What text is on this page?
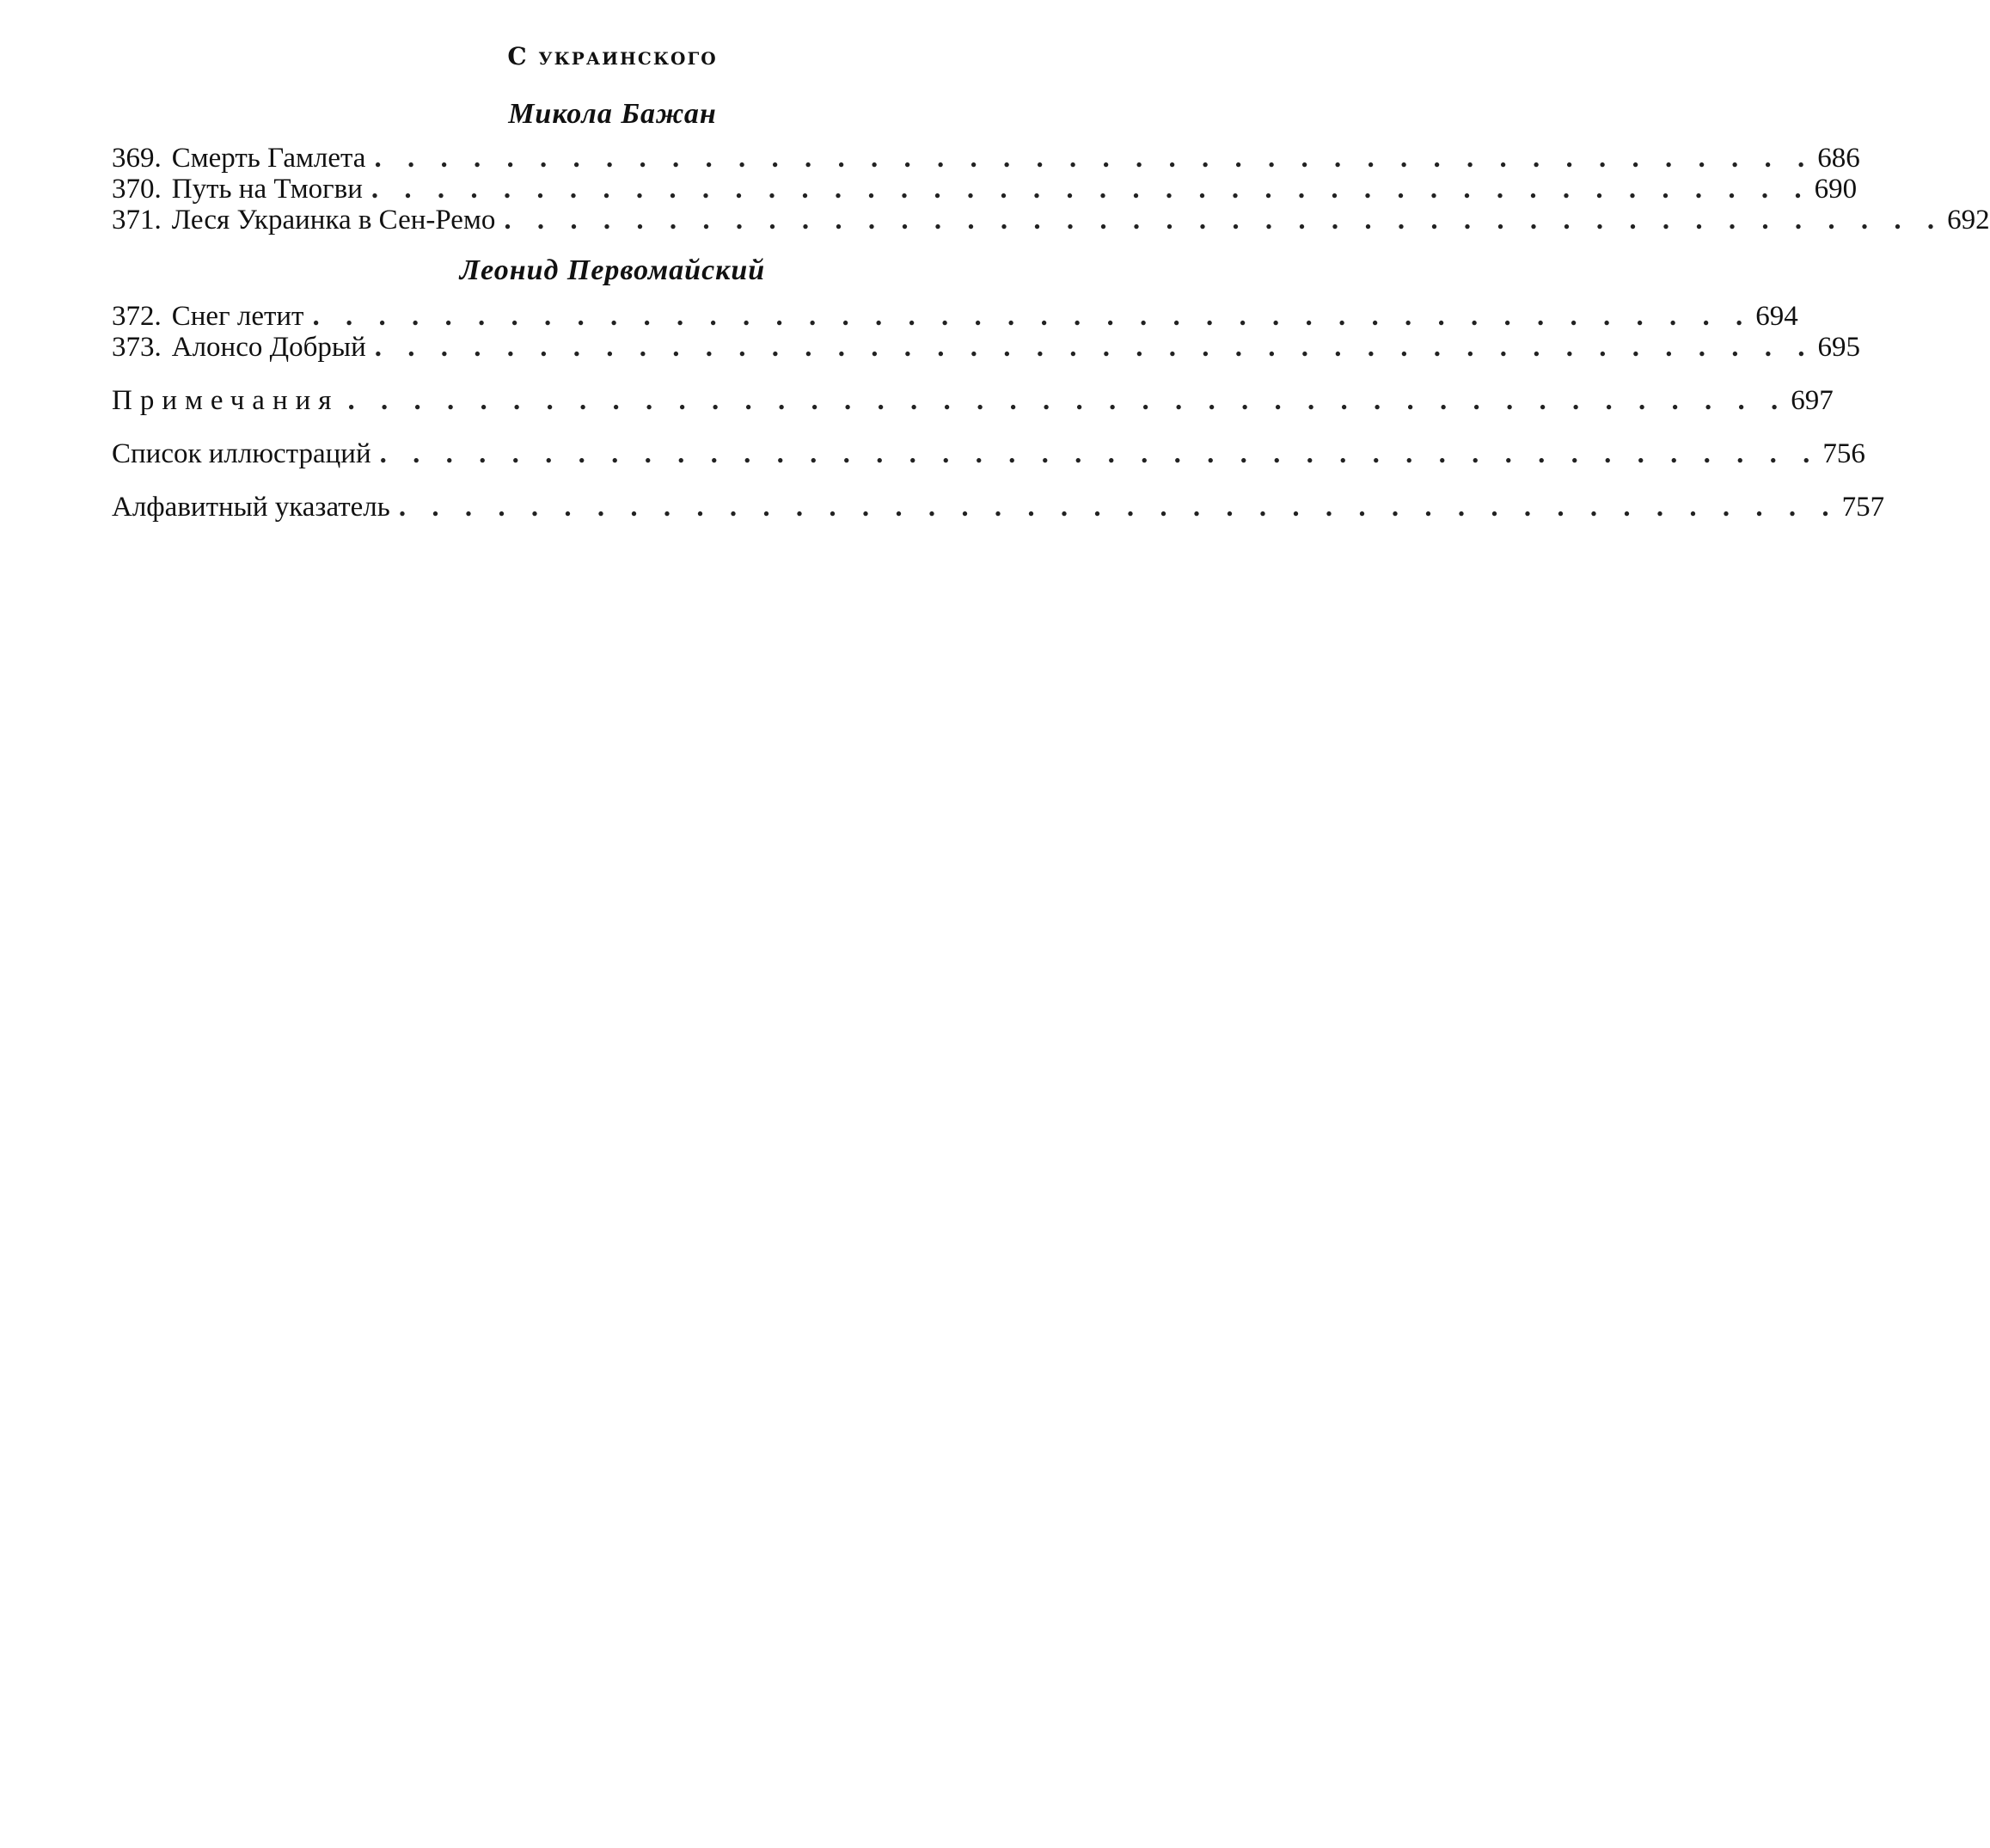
С украинского
Микола Бажан
369. Смерть Гамлета . . . . . . . . . . . . . . . . . . . . . . . . . . . . . . . . . . . . . . . . . . . . 686
370. Путь на Тмогви . . . . . . . . . . . . . . . . . . . . . . . . . . . . . . . . . . . . . . . . . . . . 690
371. Леся Украинка в Сен-Ремо . . . . . . . . . . . . . . . . . . . . . . . . . . . . . . . . . . . . . . . . . . . . 692
Леонид Первомайский
372. Снег летит . . . . . . . . . . . . . . . . . . . . . . . . . . . . . . . . . . . . . . . . . . . . 694
373. Алонсо Добрый . . . . . . . . . . . . . . . . . . . . . . . . . . . . . . . . . . . . . . . . . . . . 695
Примечания . . . . . . . . . . . . . . . . . . . . . . . . . . . . . . . . . . . . . . . . . . . . 697
Список иллюстраций . . . . . . . . . . . . . . . . . . . . . . . . . . . . . . . . . . . . . . . . . . . . 756
Алфавитный указатель . . . . . . . . . . . . . . . . . . . . . . . . . . . . . . . . . . . . . . . . . . . . 757
